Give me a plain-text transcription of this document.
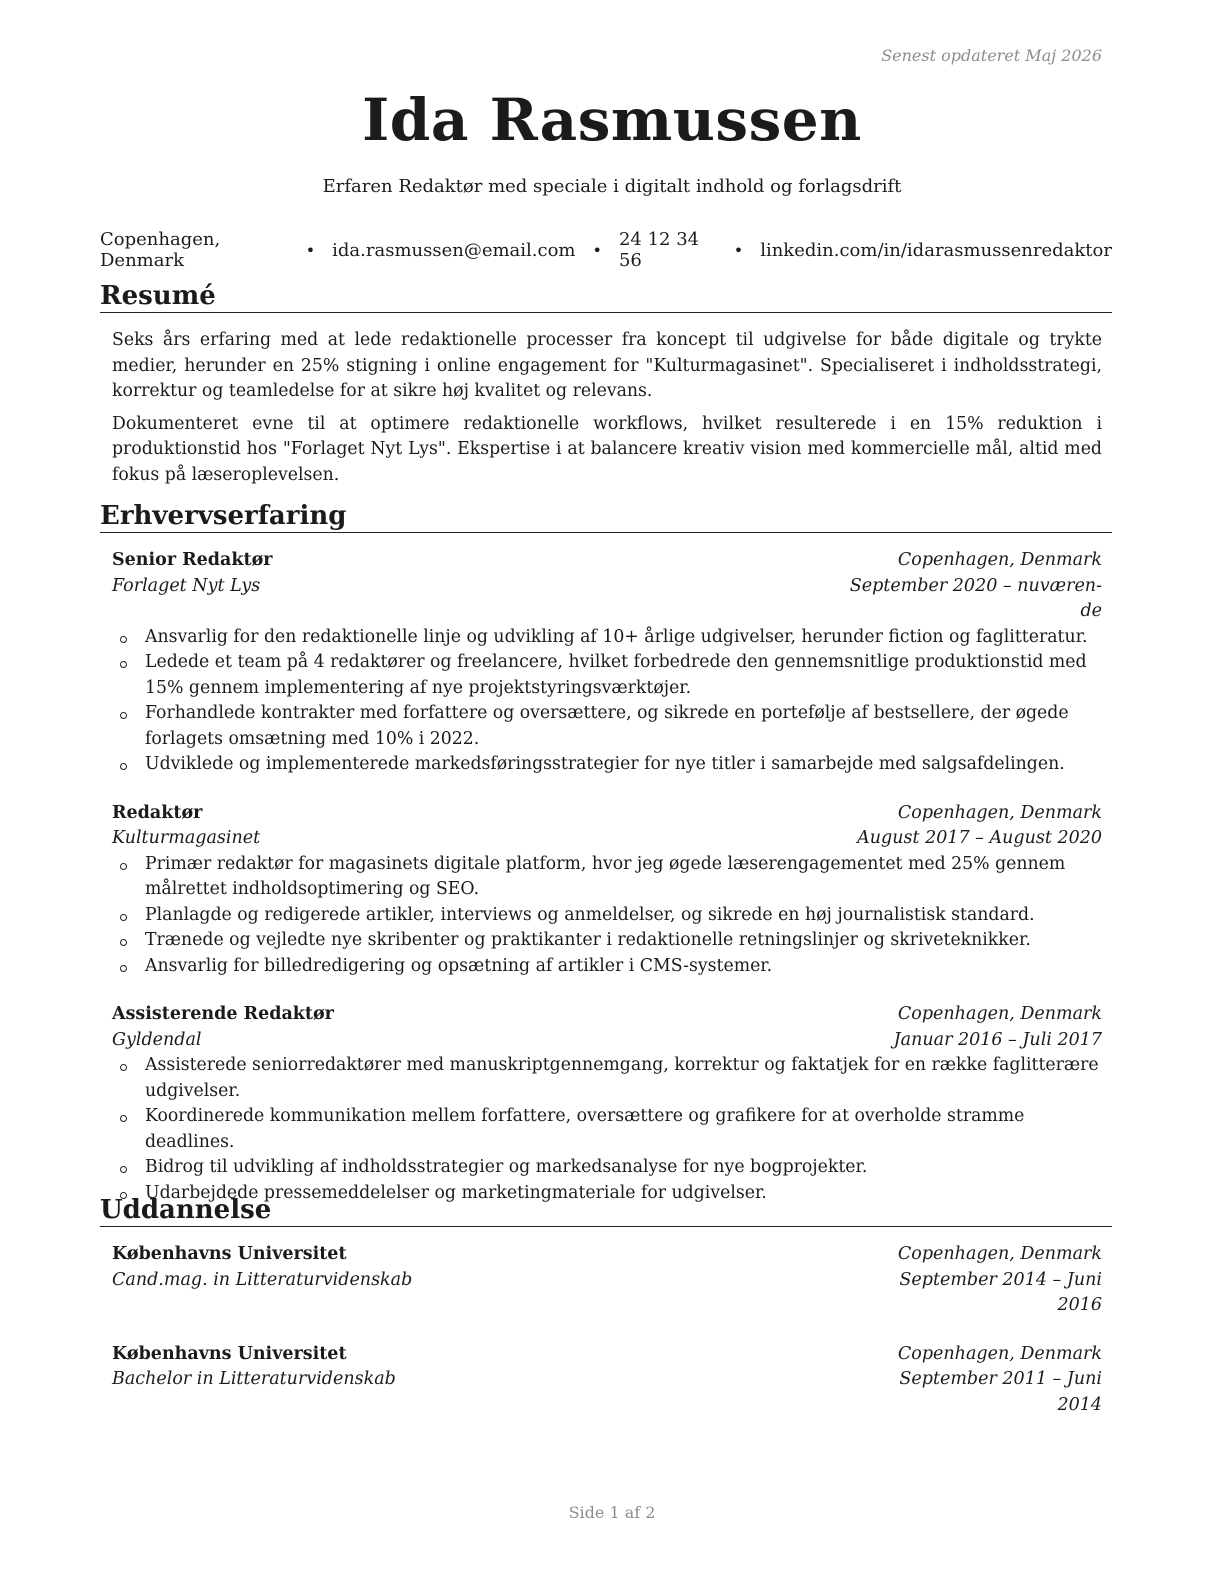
Senest opdateret Maj 2026
Ida Rasmussen
Erfaren Redaktør med speciale i digitalt indhold og forlagsdrift
Copenhagen, Denmark	• ida.rasmussen@email.com • 24 12 34 56	• linkedin.com/in/idarasmussenredaktor
Resumé

Seks års erfaring med at lede redaktionelle processer fra koncept til udgivelse for både digitale og trykte medier, herunder en 25% stigning i online engagement for "Kulturmagasinet". Specialiseret i indholdsstrategi, korrektur og teamledelse for at sikre høj kvalitet og relevans.

Dokumenteret evne til at optimere redaktionelle workflows, hvilket resulterede i en 15% reduktion i produktionstid hos "Forlaget Nyt Lys". Ekspertise i at balancere kreativ vision med kommercielle mål, altid med fokus på læseroplevelsen.

Erhvervserfaring
Senior Redaktør	Copenhagen, Denmark
Forlaget Nyt Lys	September 2020 – nuværen-
de
Ansvarlig for den redaktionelle linje og udvikling af 10+ årlige udgivelser, herunder fiction og faglitteratur.
Ledede et team på 4 redaktører og freelancere, hvilket forbedrede den gennemsnitlige produktionstid med 15% gennem implementering af nye projektstyringsværktøjer.
Forhandlede kontrakter med forfattere og oversættere, og sikrede en portefølje af bestsellere, der øgede forlagets omsætning med 10% i 2022.
Udviklede og implementerede markedsføringsstrategier for nye titler i samarbejde med salgsafdelingen.
Redaktør	Copenhagen, Denmark
Kulturmagasinet	August 2017 – August 2020
Primær redaktør for magasinets digitale platform, hvor jeg øgede læserengagementet med 25% gennem målrettet indholdsoptimering og SEO.
Planlagde og redigerede artikler, interviews og anmeldelser, og sikrede en høj journalistisk standard.
Trænede og vejledte nye skribenter og praktikanter i redaktionelle retningslinjer og skriveteknikker.
Ansvarlig for billedredigering og opsætning af artikler i CMS-systemer.
Assisterende Redaktør	Copenhagen, Denmark
Gyldendal	Januar 2016 – Juli 2017
Assisterede seniorredaktører med manuskriptgennemgang, korrektur og faktatjek for en række faglitterære udgivelser.
Koordinerede kommunikation mellem forfattere, oversættere og grafikere for at overholde stramme deadlines.
Bidrog til udvikling af indholdsstrategier og markedsanalyse for nye bogprojekter.
Udarbejdede pressemeddelelser og marketingmateriale for udgivelser.
Uddannelse
Københavns Universitet	Copenhagen, Denmark
Cand.mag. in Litteraturvidenskab	September 2014 – Juni
2016
Københavns Universitet	Copenhagen, Denmark
Bachelor in Litteraturvidenskab	September 2011 – Juni
2014
Side 1 af 2
